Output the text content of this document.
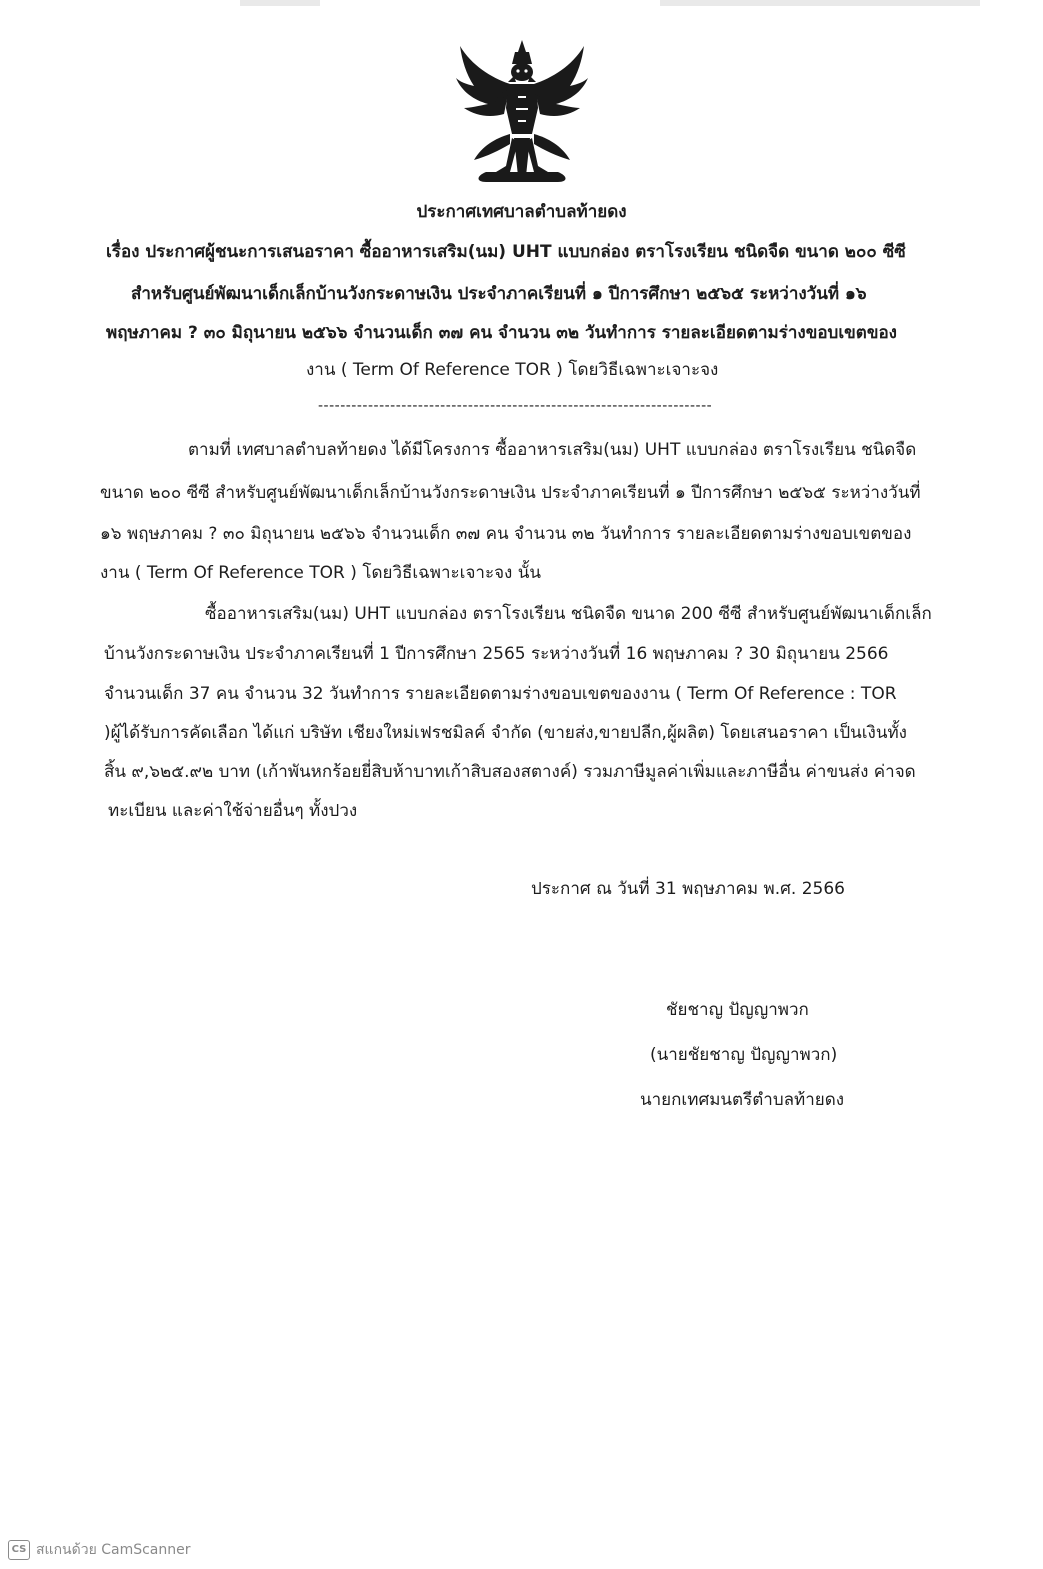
ประกาศเทศบาลตำบลท้ายดง
เรื่อง ประกาศผู้ชนะการเสนอราคา ซื้ออาหารเสริม(นม) UHT แบบกล่อง ตราโรงเรียน ชนิดจืด ขนาด ๒๐๐ ซีซี
สำหรับศูนย์พัฒนาเด็กเล็กบ้านวังกระดาษเงิน ประจำภาคเรียนที่ ๑ ปีการศึกษา ๒๕๖๕ ระหว่างวันที่ ๑๖
พฤษภาคม ? ๓๐ มิถุนายน ๒๕๖๖ จำนวนเด็ก ๓๗ คน จำนวน ๓๒ วันทำการ รายละเอียดตามร่างขอบเขตของ
งาน ( Term Of Reference TOR ) โดยวิธีเฉพาะเจาะจง
-----------------------------------------------------------------------
ตามที่ เทศบาลตำบลท้ายดง ได้มีโครงการ ซื้ออาหารเสริม(นม) UHT แบบกล่อง ตราโรงเรียน ชนิดจืด
ขนาด ๒๐๐ ซีซี สำหรับศูนย์พัฒนาเด็กเล็กบ้านวังกระดาษเงิน ประจำภาคเรียนที่ ๑ ปีการศึกษา ๒๕๖๕ ระหว่างวันที่
๑๖ พฤษภาคม ? ๓๐ มิถุนายน ๒๕๖๖ จำนวนเด็ก ๓๗ คน จำนวน ๓๒ วันทำการ รายละเอียดตามร่างขอบเขตของ
งาน ( Term Of Reference TOR ) โดยวิธีเฉพาะเจาะจง นั้น
ซื้ออาหารเสริม(นม) UHT แบบกล่อง ตราโรงเรียน ชนิดจืด ขนาด 200 ซีซี สำหรับศูนย์พัฒนาเด็กเล็ก
บ้านวังกระดาษเงิน ประจำภาคเรียนที่ 1 ปีการศึกษา 2565 ระหว่างวันที่ 16 พฤษภาคม ? 30 มิถุนายน 2566
จำนวนเด็ก 37 คน จำนวน 32 วันทำการ รายละเอียดตามร่างขอบเขตของงาน ( Term Of Reference : TOR
)ผู้ได้รับการคัดเลือก ได้แก่ บริษัท เชียงใหม่เฟรชมิลค์ จำกัด (ขายส่ง,ขายปลีก,ผู้ผลิต) โดยเสนอราคา เป็นเงินทั้ง
สิ้น ๙,๖๒๕.๙๒ บาท (เก้าพันหกร้อยยี่สิบห้าบาทเก้าสิบสองสตางค์) รวมภาษีมูลค่าเพิ่มและภาษีอื่น ค่าขนส่ง ค่าจด
ทะเบียน และค่าใช้จ่ายอื่นๆ ทั้งปวง
ประกาศ ณ วันที่ 31 พฤษภาคม พ.ศ. 2566
ชัยชาญ ปัญญาพวก
(นายชัยชาญ ปัญญาพวก)
นายกเทศมนตรีตำบลท้ายดง
CS สแกนด้วย CamScanner
